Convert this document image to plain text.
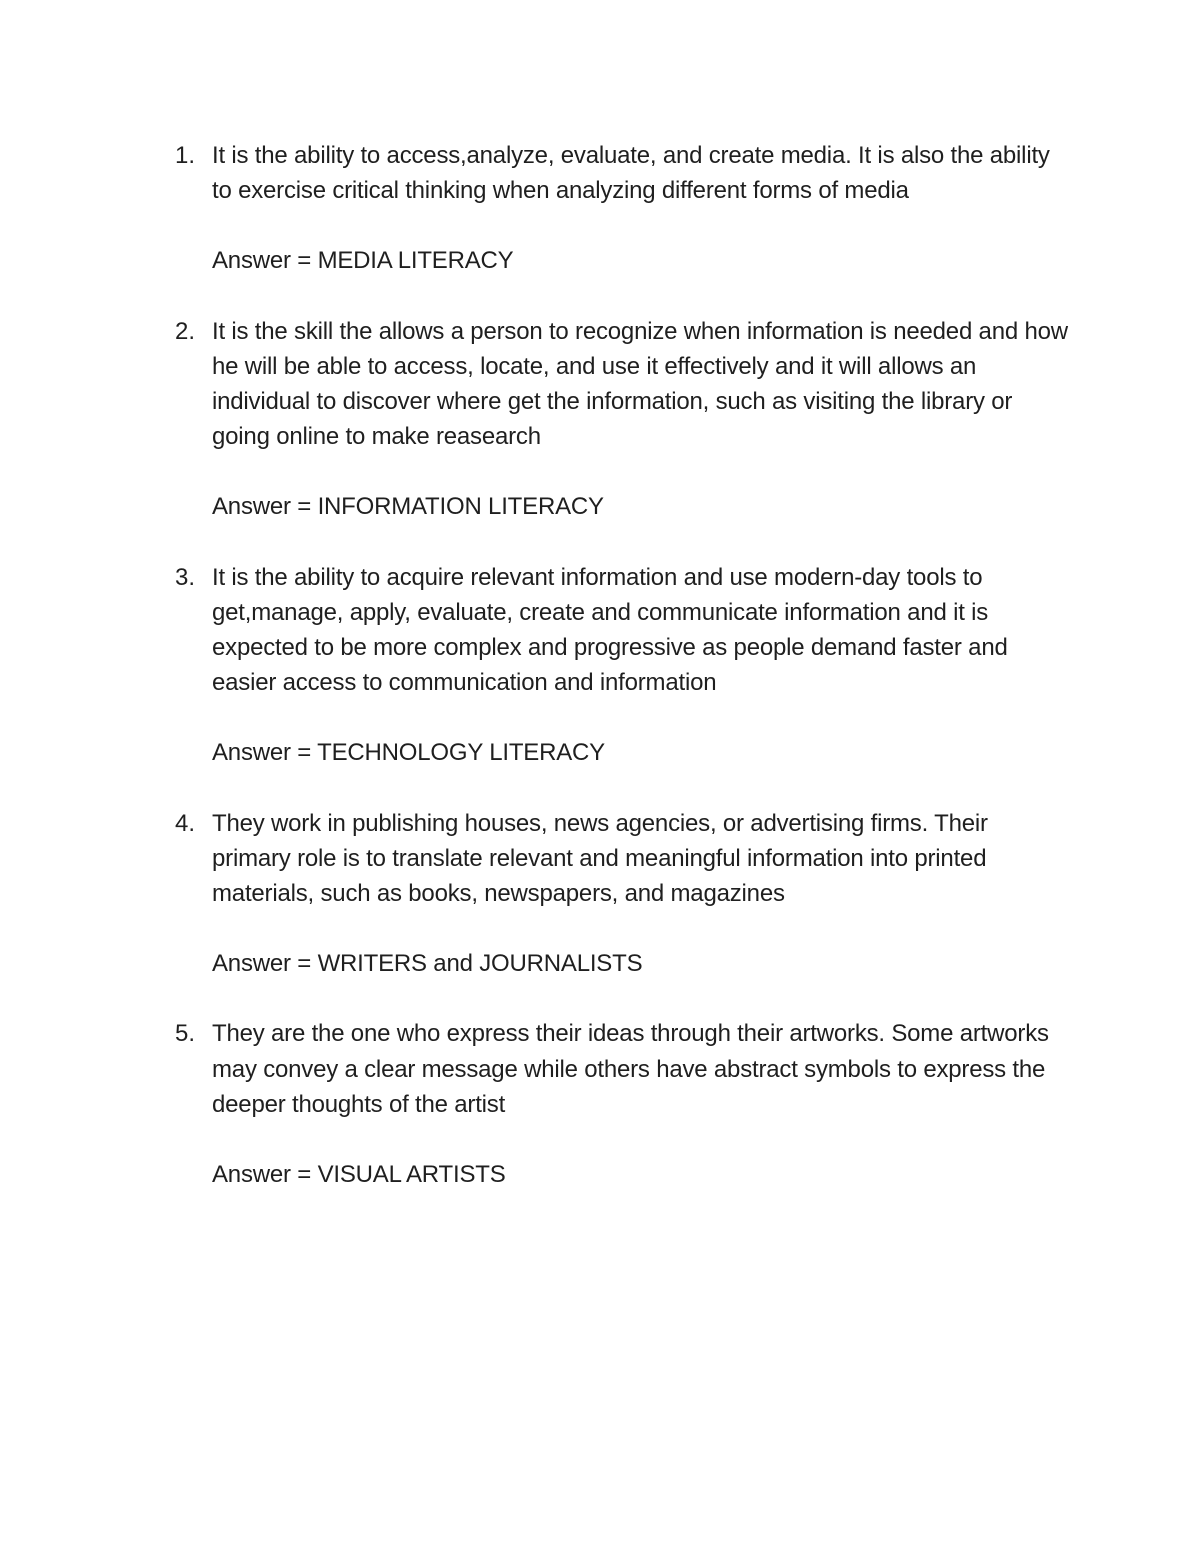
1. It is the ability to access,analyze, evaluate, and create media. It is also the ability to exercise critical thinking when analyzing different forms of media
Answer = MEDIA LITERACY
2. It is the skill the allows a person to recognize when information is needed and how he will be able to access, locate, and use it effectively and it will allows an individual to discover where get the information, such as visiting the library or going online to make reasearch
Answer = INFORMATION LITERACY
3. It is the ability to acquire relevant information and use modern-day tools to get,manage, apply, evaluate, create and communicate information and it is expected to be more complex and progressive as people demand faster and easier access to communication and information
Answer = TECHNOLOGY LITERACY
4. They work in publishing houses, news agencies, or advertising firms. Their primary role is to translate relevant and meaningful information into printed materials, such as books, newspapers, and magazines
Answer = WRITERS and JOURNALISTS
5. They are the one who express their ideas through their artworks. Some artworks may convey a clear message while others have abstract symbols to express the deeper thoughts of the artist
Answer = VISUAL ARTISTS
